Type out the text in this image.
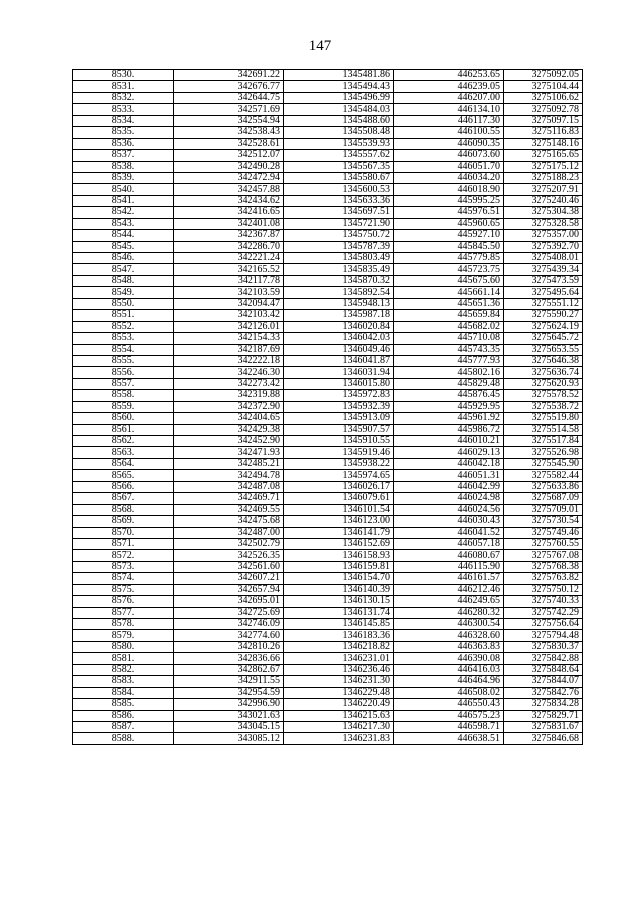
147
8530.	342691.22	1345481.86	446253.65	3275092.05
8531.	342676.77	1345494.43	446239.05	3275104.44
8532.	342644.75	1345496.99	446207.00	3275106.62
8533.	342571.69	1345484.03	446134.10	3275092.78
8534.	342554.94	1345488.60	446117.30	3275097.15
8535.	342538.43	1345508.48	446100.55	3275116.83
8536.	342528.61	1345539.93	446090.35	3275148.16
8537.	342512.07	1345557.62	446073.60	3275165.65
8538.	342490.28	1345567.35	446051.70	3275175.12
8539.	342472.94	1345580.67	446034.20	3275188.23
8540.	342457.88	1345600.53	446018.90	3275207.91
8541.	342434.62	1345633.36	445995.25	3275240.46
8542.	342416.65	1345697.51	445976.51	3275304.38
8543.	342401.08	1345721.90	445960.65	3275328.58
8544.	342367.87	1345750.72	445927.10	3275357.00
8545.	342286.70	1345787.39	445845.50	3275392.70
8546.	342221.24	1345803.49	445779.85	3275408.01
8547.	342165.52	1345835.49	445723.75	3275439.34
8548.	342117.78	1345870.32	445675.60	3275473.59
8549.	342103.59	1345892.54	445661.14	3275495.64
8550.	342094.47	1345948.13	445651.36	3275551.12
8551.	342103.42	1345987.18	445659.84	3275590.27
8552.	342126.01	1346020.84	445682.02	3275624.19
8553.	342154.33	1346042.03	445710.08	3275645.72
8554.	342187.69	1346049.46	445743.35	3275653.55
8555.	342222.18	1346041.87	445777.93	3275646.38
8556.	342246.30	1346031.94	445802.16	3275636.74
8557.	342273.42	1346015.80	445829.48	3275620.93
8558.	342319.88	1345972.83	445876.45	3275578.52
8559.	342372.90	1345932.39	445929.95	3275538.72
8560.	342404.65	1345913.09	445961.92	3275519.80
8561.	342429.38	1345907.57	445986.72	3275514.58
8562.	342452.90	1345910.55	446010.21	3275517.84
8563.	342471.93	1345919.46	446029.13	3275526.98
8564.	342485.21	1345938.22	446042.18	3275545.90
8565.	342494.78	1345974.65	446051.31	3275582.44
8566.	342487.08	1346026.17	446042.99	3275633.86
8567.	342469.71	1346079.61	446024.98	3275687.09
8568.	342469.55	1346101.54	446024.56	3275709.01
8569.	342475.68	1346123.00	446030.43	3275730.54
8570.	342487.00	1346141.79	446041.52	3275749.46
8571.	342502.79	1346152.69	446057.18	3275760.55
8572.	342526.35	1346158.93	446080.67	3275767.08
8573.	342561.60	1346159.81	446115.90	3275768.38
8574.	342607.21	1346154.70	446161.57	3275763.82
8575.	342657.94	1346140.39	446212.46	3275750.12
8576.	342695.01	1346130.15	446249.65	3275740.33
8577.	342725.69	1346131.74	446280.32	3275742.29
8578.	342746.09	1346145.85	446300.54	3275756.64
8579.	342774.60	1346183.36	446328.60	3275794.48
8580.	342810.26	1346218.82	446363.83	3275830.37
8581.	342836.66	1346231.01	446390.08	3275842.88
8582.	342862.67	1346236.46	446416.03	3275848.64
8583.	342911.55	1346231.30	446464.96	3275844.07
8584.	342954.59	1346229.48	446508.02	3275842.76
8585.	342996.90	1346220.49	446550.43	3275834.28
8586.	343021.63	1346215.63	446575.23	3275829.71
8587.	343045.15	1346217.30	446598.71	3275831.67
8588.	343085.12	1346231.83	446638.51	3275846.68
